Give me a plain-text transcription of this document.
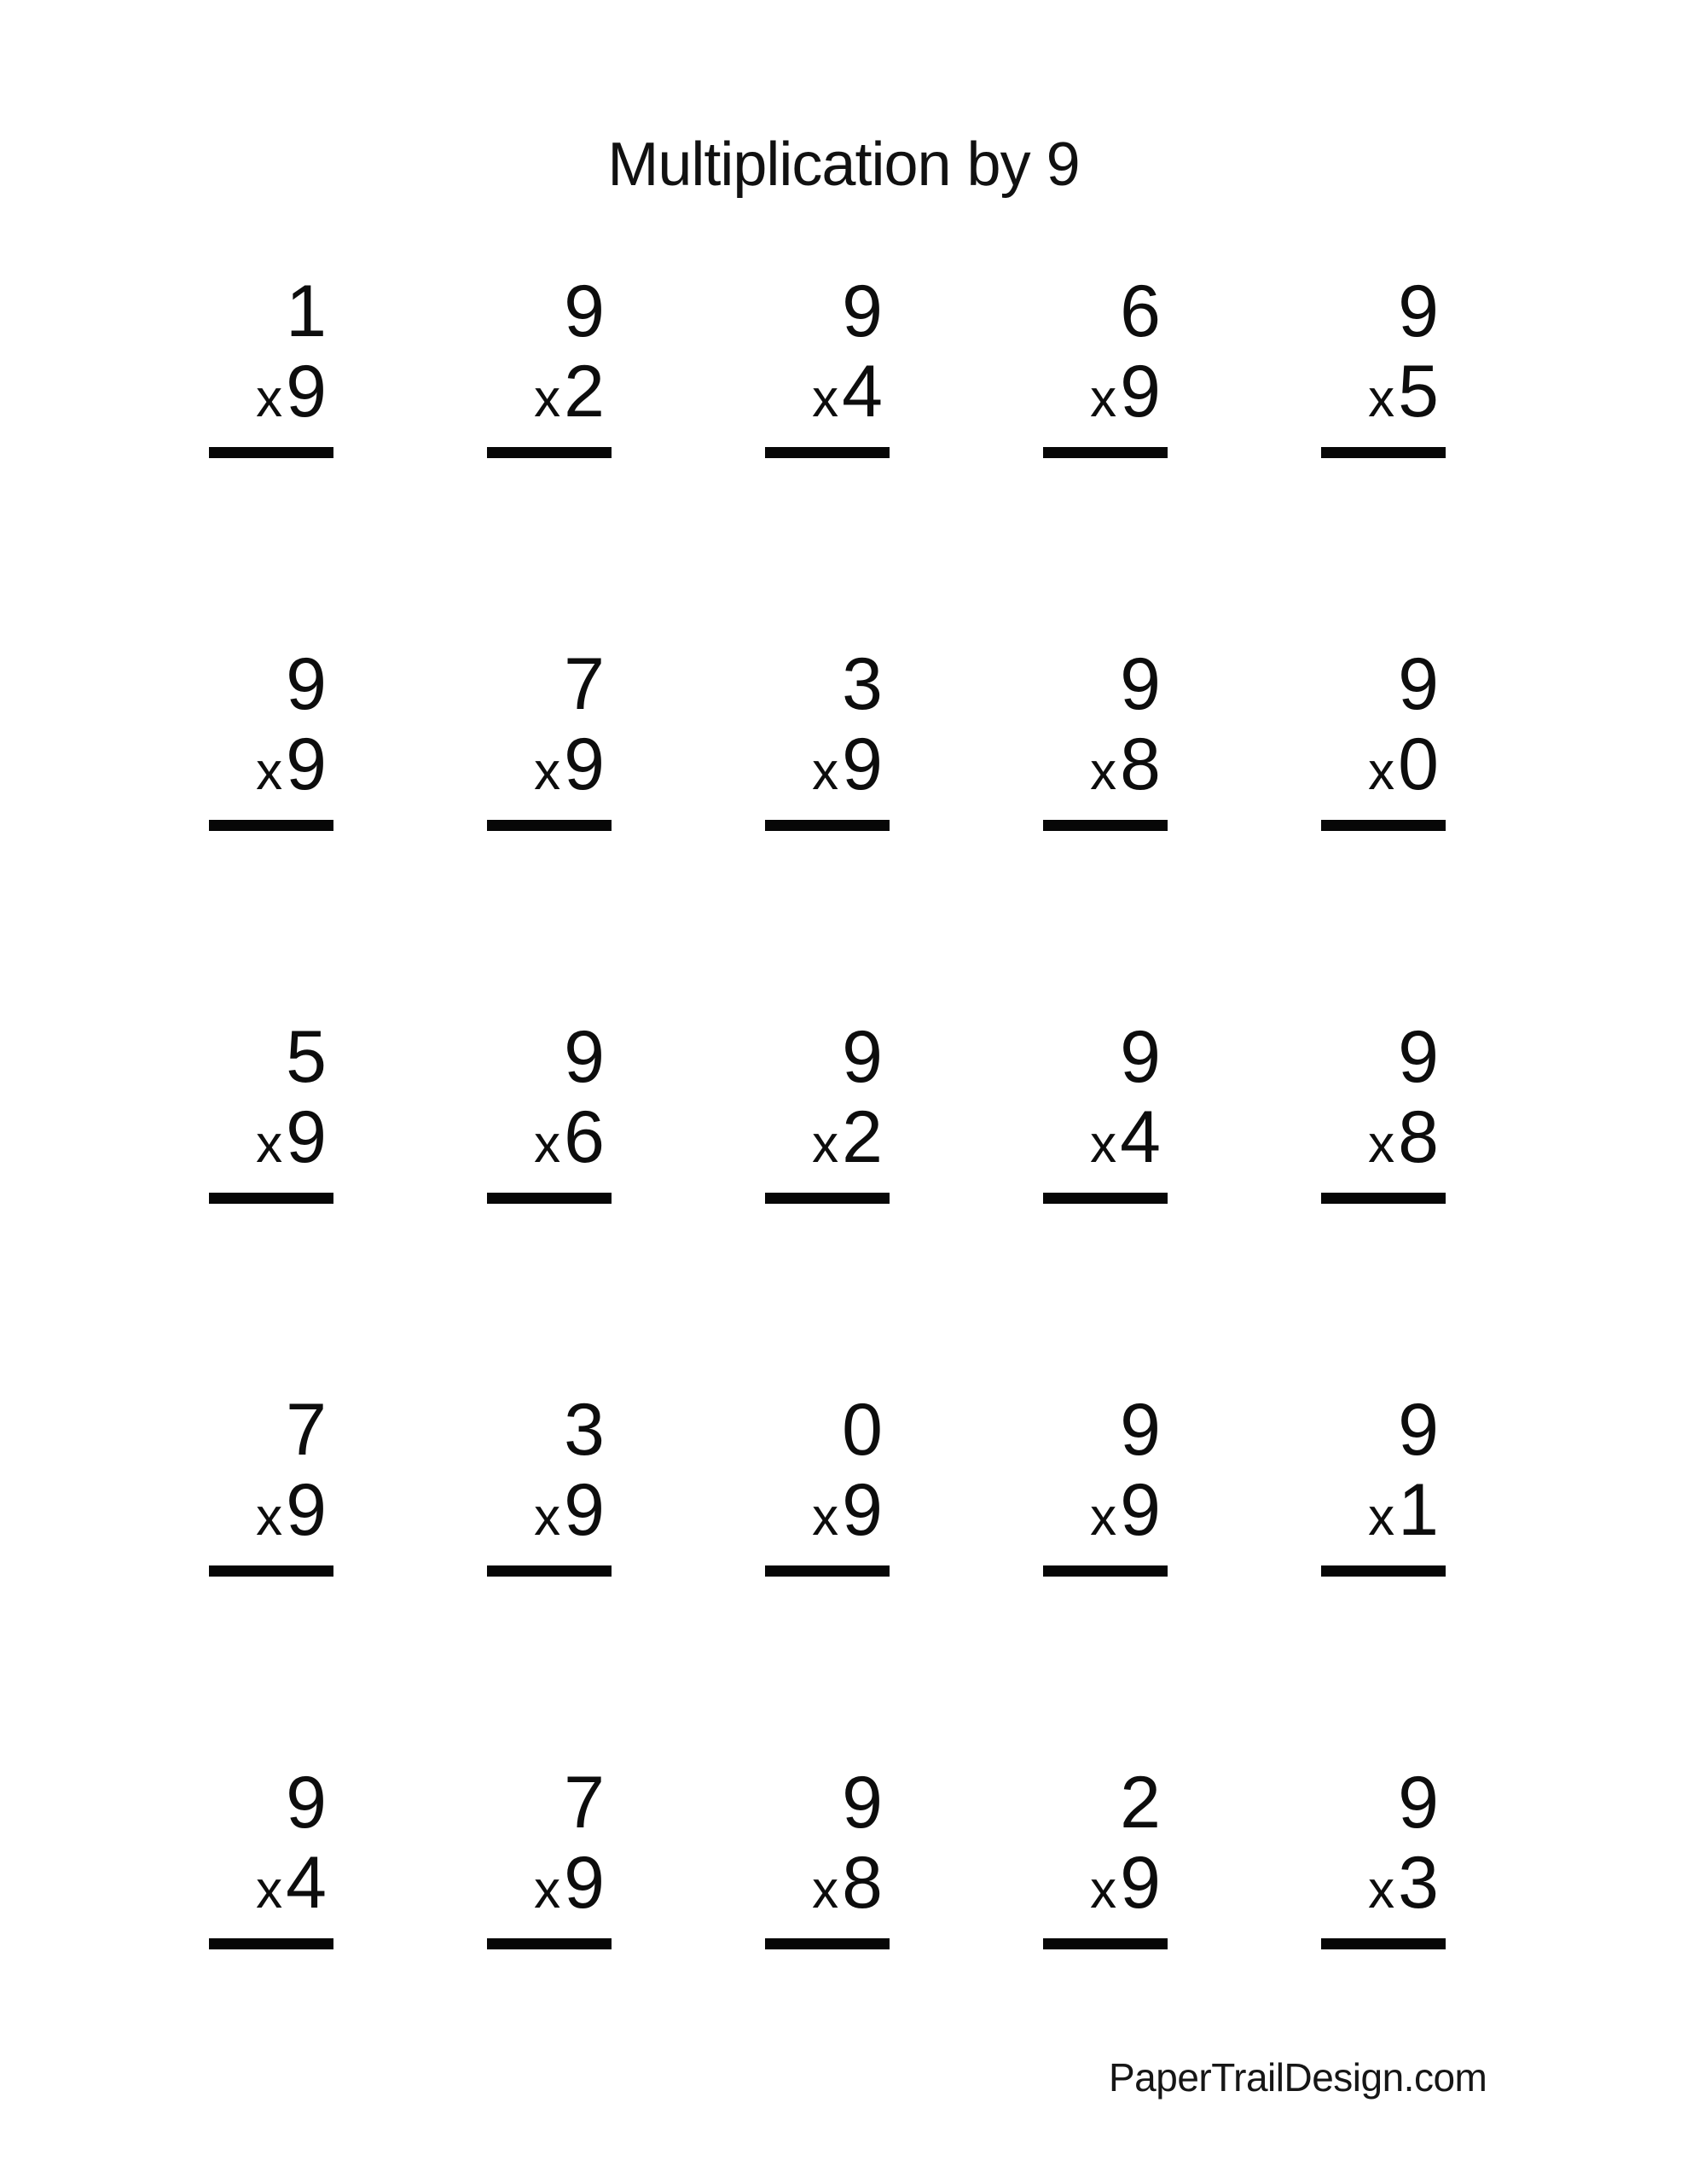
Multiplication by 9
1
x9
9
x2
9
x4
6
x9
9
x5
9
x9
7
x9
3
x9
9
x8
9
x0
5
x9
9
x6
9
x2
9
x4
9
x8
7
x9
3
x9
0
x9
9
x9
9
x1
9
x4
7
x9
9
x8
2
x9
9
x3
PaperTrailDesign.com
